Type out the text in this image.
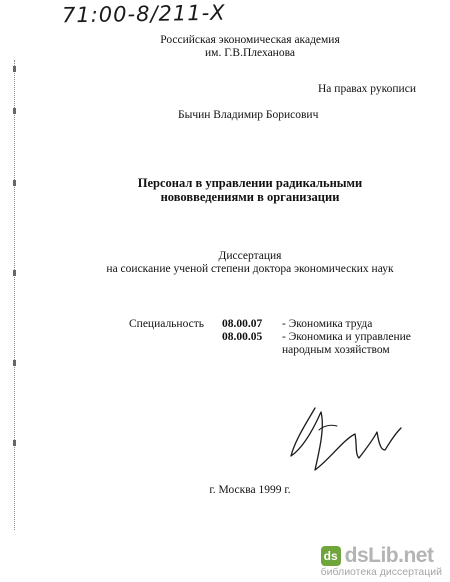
71:00-8/211-Х
Российская экономическая академия
им. Г.В.Плеханова
На правах рукописи
Бычин Владимир Борисович
Персонал в управлении радикальными
нововведениями в организации
Диссертация
на соискание ученой степени доктора экономических наук
Специальность 08.00.07 - Экономика труда
08.00.05 - Экономика и управление
народным хозяйством
г. Москва 1999 г.
ds dsLib.net
библиотека диссертаций
